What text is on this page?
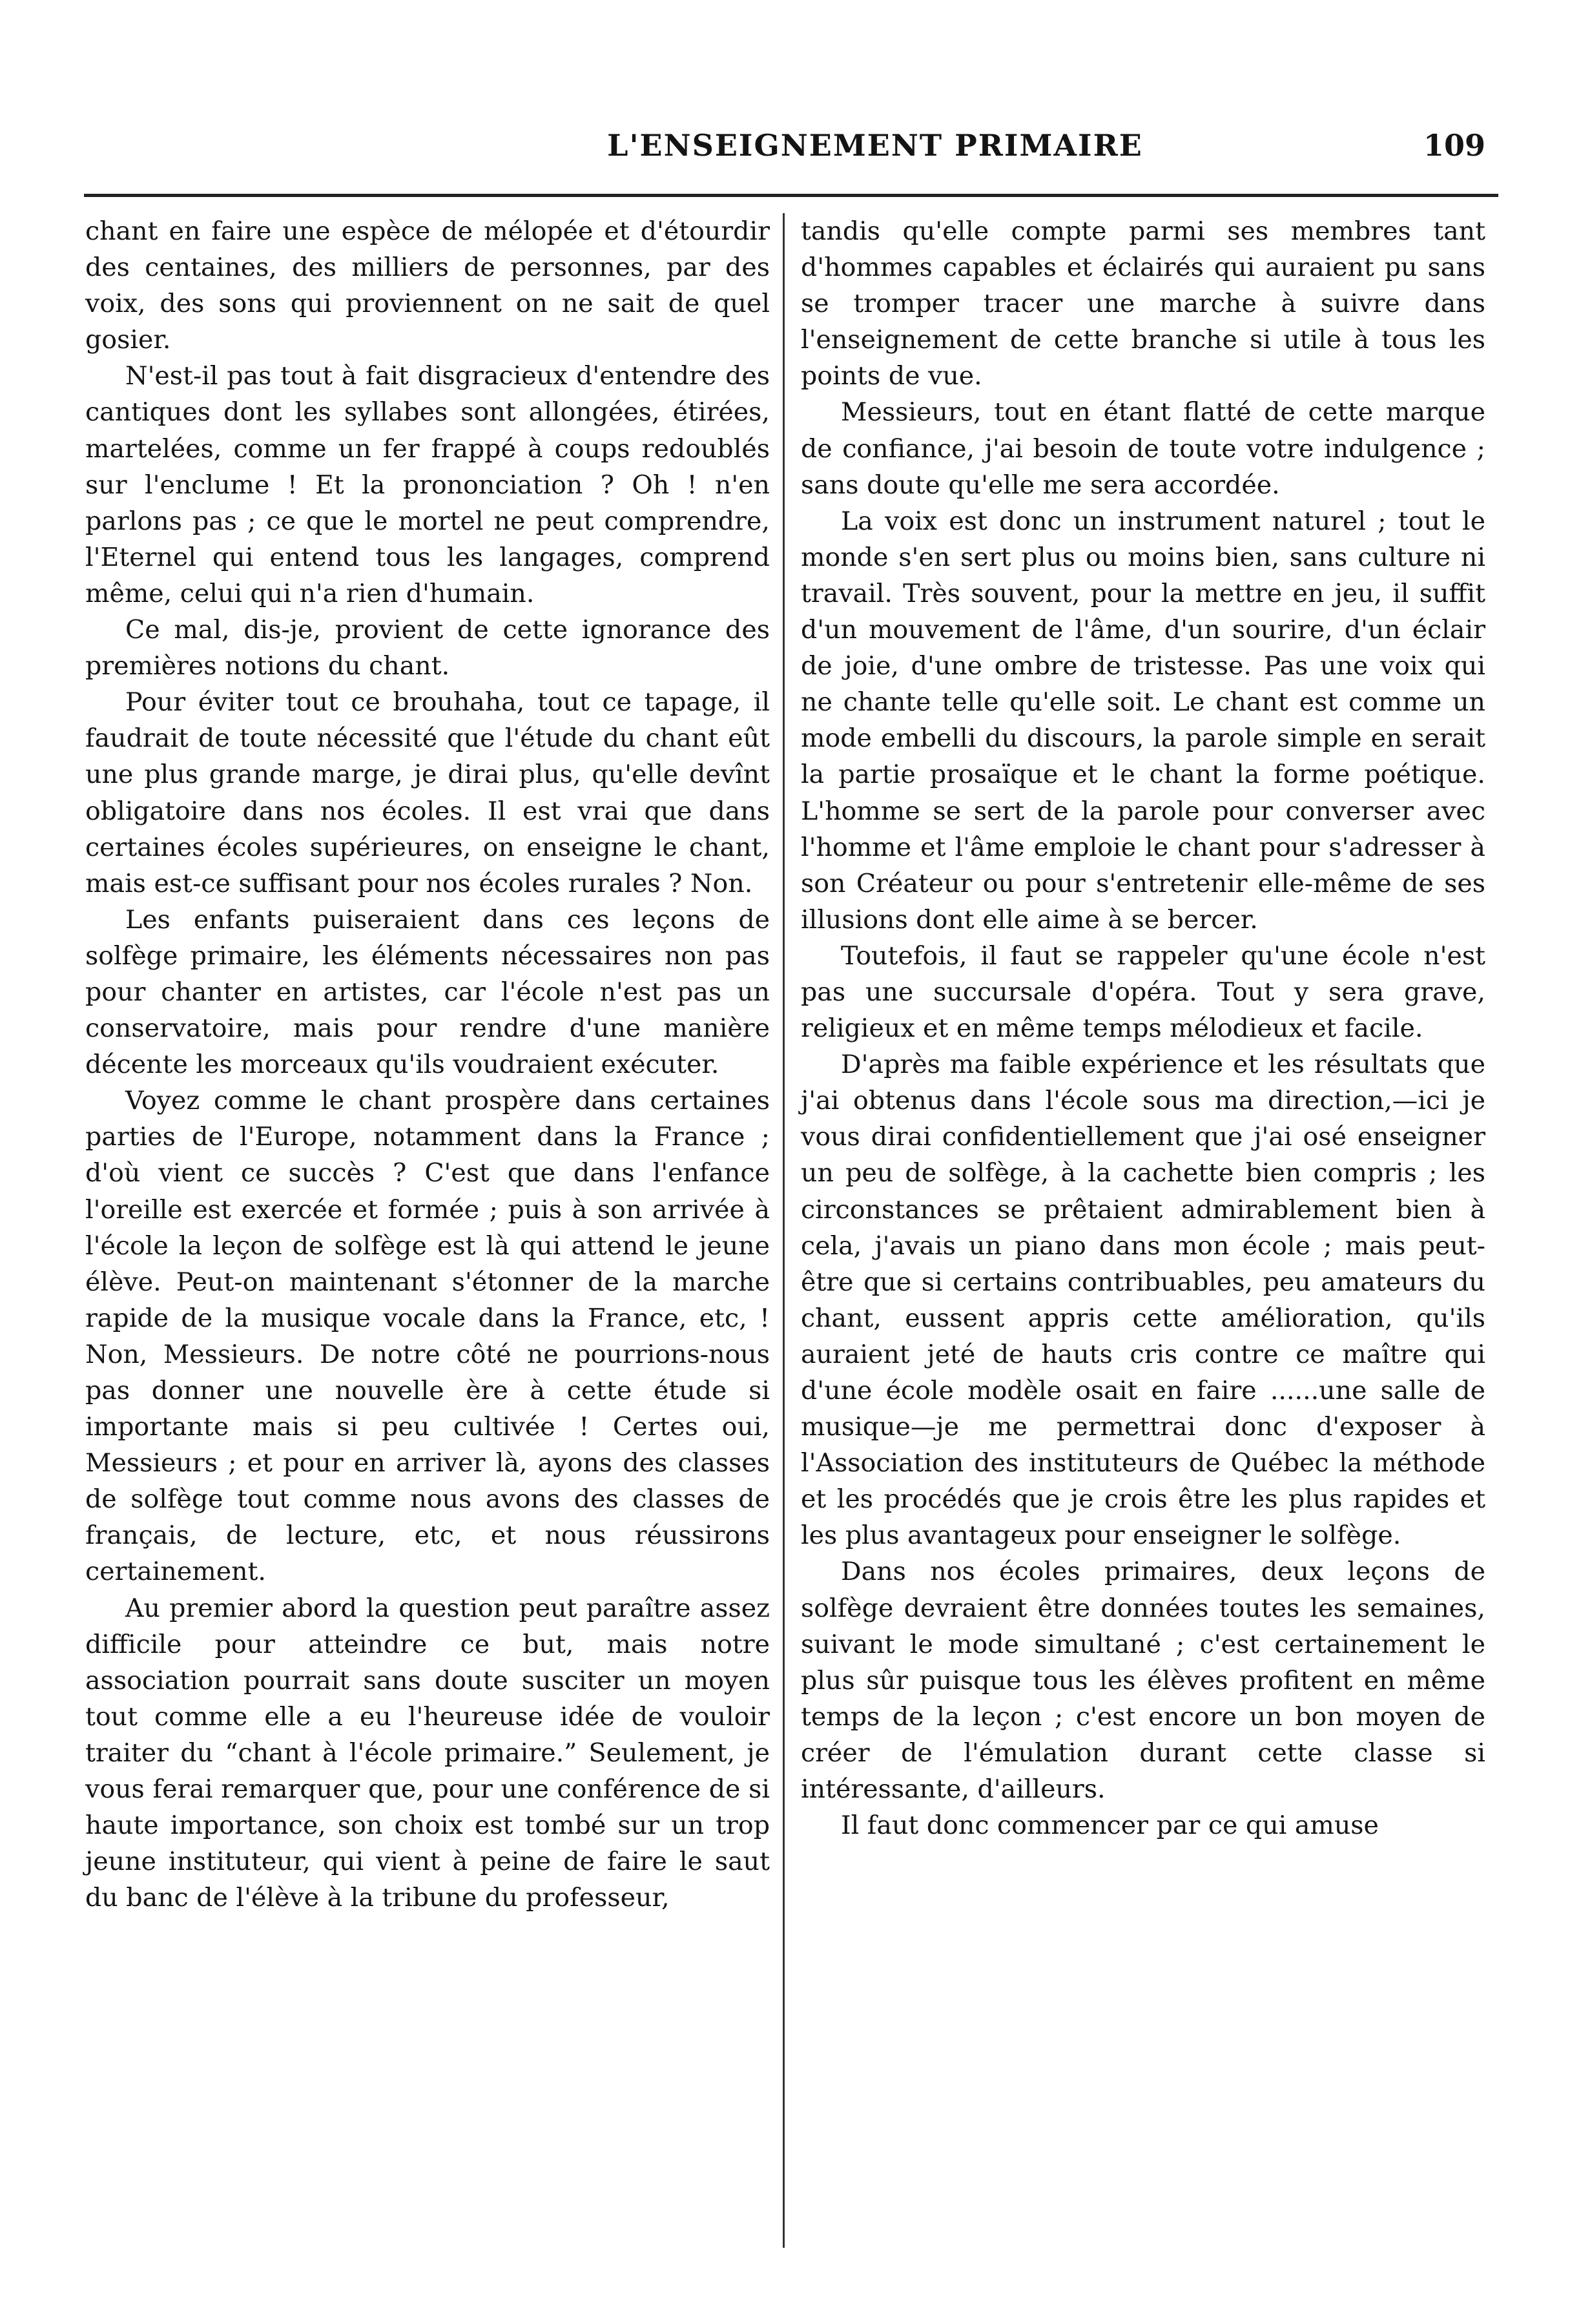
L'ENSEIGNEMENT PRIMAIRE	109

chant en faire une espèce de mélopée et d'étourdir des centaines, des milliers de personnes, par des voix, des sons qui proviennent on ne sait de quel gosier.

N'est-il pas tout à fait disgracieux d'entendre des cantiques dont les syllabes sont allongées, étirées, martelées, comme un fer frappé à coups redoublés sur l'enclume ! Et la prononciation ? Oh ! n'en parlons pas ; ce que le mortel ne peut comprendre, l'Eternel qui entend tous les langages, comprend même, celui qui n'a rien d'humain.

Ce mal, dis-je, provient de cette ignorance des premières notions du chant.

Pour éviter tout ce brouhaha, tout ce tapage, il faudrait de toute nécessité que l'étude du chant eût une plus grande marge, je dirai plus, qu'elle devînt obligatoire dans nos écoles. Il est vrai que dans certaines écoles supérieures, on enseigne le chant, mais est-ce suffisant pour nos écoles rurales ? Non.

Les enfants puiseraient dans ces leçons de solfège primaire, les éléments nécessaires non pas pour chanter en artistes, car l'école n'est pas un conservatoire, mais pour rendre d'une manière décente les morceaux qu'ils voudraient exécuter.

Voyez comme le chant prospère dans certaines parties de l'Europe, notamment dans la France ; d'où vient ce succès ? C'est que dans l'enfance l'oreille est exercée et formée ; puis à son arrivée à l'école la leçon de solfège est là qui attend le jeune élève. Peut-on maintenant s'étonner de la marche rapide de la musique vocale dans la France, etc, ! Non, Messieurs. De notre côté ne pourrions-nous pas donner une nouvelle ère à cette étude si importante mais si peu cultivée ! Certes oui, Messieurs ; et pour en arriver là, ayons des classes de solfège tout comme nous avons des classes de français, de lecture, etc, et nous réussirons certainement.

Au premier abord la question peut paraître assez difficile pour atteindre ce but, mais notre association pourrait sans doute susciter un moyen tout comme elle a eu l'heureuse idée de vouloir traiter du “chant à l'école primaire.” Seulement, je vous ferai remarquer que, pour une conférence de si haute importance, son choix est tombé sur un trop jeune instituteur, qui vient à peine de faire le saut du banc de l'élève à la tribune du professeur,

tandis qu'elle compte parmi ses membres tant d'hommes capables et éclairés qui auraient pu sans se tromper tracer une marche à suivre dans l'enseignement de cette branche si utile à tous les points de vue.

Messieurs, tout en étant flatté de cette marque de confiance, j'ai besoin de toute votre indulgence ; sans doute qu'elle me sera accordée.

La voix est donc un instrument naturel ; tout le monde s'en sert plus ou moins bien, sans culture ni travail. Très souvent, pour la mettre en jeu, il suffit d'un mouvement de l'âme, d'un sourire, d'un éclair de joie, d'une ombre de tristesse. Pas une voix qui ne chante telle qu'elle soit. Le chant est comme un mode embelli du discours, la parole simple en serait la partie prosaïque et le chant la forme poétique. L'homme se sert de la parole pour converser avec l'homme et l'âme emploie le chant pour s'adresser à son Créateur ou pour s'entretenir elle-même de ses illusions dont elle aime à se bercer.

Toutefois, il faut se rappeler qu'une école n'est pas une succursale d'opéra. Tout y sera grave, religieux et en même temps mélodieux et facile.

D'après ma faible expérience et les résultats que j'ai obtenus dans l'école sous ma direction,—ici je vous dirai confidentiellement que j'ai osé enseigner un peu de solfège, à la cachette bien compris ; les circonstances se prêtaient admirablement bien à cela, j'avais un piano dans mon école ; mais peut-être que si certains contribuables, peu amateurs du chant, eussent appris cette amélioration, qu'ils auraient jeté de hauts cris contre ce maître qui d'une école modèle osait en faire ......une salle de musique—je me permettrai donc d'exposer à l'Association des instituteurs de Québec la méthode et les procédés que je crois être les plus rapides et les plus avantageux pour enseigner le solfège.

Dans nos écoles primaires, deux leçons de solfège devraient être données toutes les semaines, suivant le mode simultané ; c'est certainement le plus sûr puisque tous les élèves profitent en même temps de la leçon ; c'est encore un bon moyen de créer de l'émulation durant cette classe si intéressante, d'ailleurs.

Il faut donc commencer par ce qui amuse
